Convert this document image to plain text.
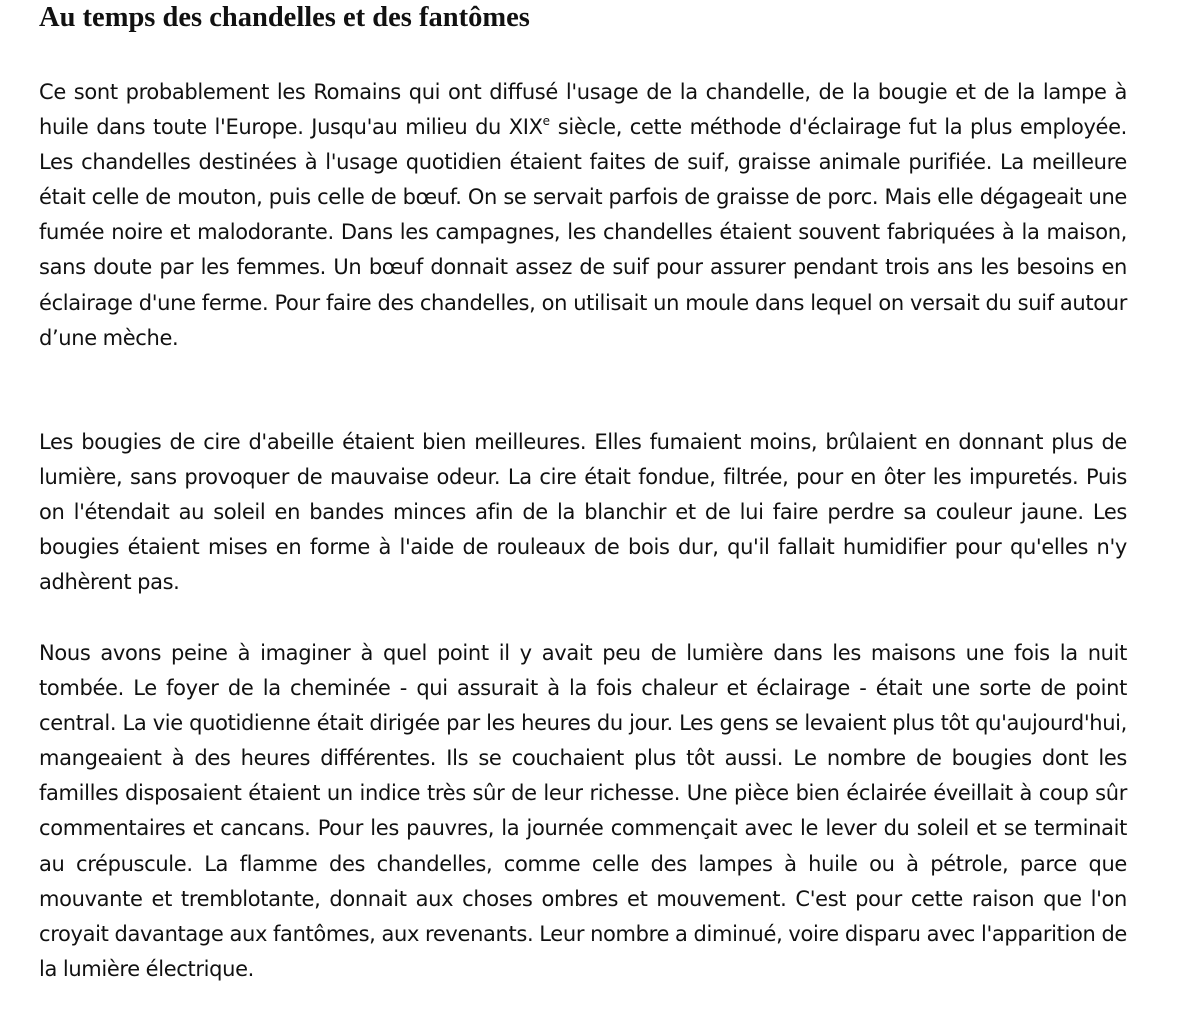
Au temps des chandelles et des fantômes

Ce sont probablement les Romains qui ont diffusé l'usage de la chandelle, de la bougie et de la lampe à huile dans toute l'Europe. Jusqu'au milieu du XIXe siècle, cette méthode d'éclairage fut la plus employée. Les chandelles destinées à l'usage quotidien étaient faites de suif, graisse animale purifiée. La meilleure était celle de mouton, puis celle de bœuf. On se servait parfois de graisse de porc. Mais elle dégageait une fumée noire et malodorante. Dans les campagnes, les chandelles étaient souvent fabriquées à la maison, sans doute par les femmes. Un bœuf donnait assez de suif pour assurer pendant trois ans les besoins en éclairage d'une ferme. Pour faire des chandelles, on utilisait un moule dans lequel on versait du suif autour d’une mèche.

Les bougies de cire d'abeille étaient bien meilleures. Elles fumaient moins, brûlaient en donnant plus de lumière, sans provoquer de mauvaise odeur. La cire était fondue, filtrée, pour en ôter les impuretés. Puis on l'étendait au soleil en bandes minces afin de la blanchir et de lui faire perdre sa couleur jaune. Les bougies étaient mises en forme à l'aide de rouleaux de bois dur, qu'il fallait humidifier pour qu'elles n'y adhèrent pas.

Nous avons peine à imaginer à quel point il y avait peu de lumière dans les maisons une fois la nuit tombée. Le foyer de la cheminée - qui assurait à la fois chaleur et éclairage - était une sorte de point central. La vie quotidienne était dirigée par les heures du jour. Les gens se levaient plus tôt qu'aujourd'hui, mangeaient à des heures différentes. Ils se couchaient plus tôt aussi. Le nombre de bougies dont les familles disposaient étaient un indice très sûr de leur richesse. Une pièce bien éclairée éveillait à coup sûr commentaires et cancans. Pour les pauvres, la journée commençait avec le lever du soleil et se terminait au crépuscule. La flamme des chandelles, comme celle des lampes à huile ou à pétrole, parce que mouvante et tremblotante, donnait aux choses ombres et mouvement. C'est pour cette raison que l'on croyait davantage aux fantômes, aux revenants. Leur nombre a diminué, voire disparu avec l'apparition de la lumière électrique.
